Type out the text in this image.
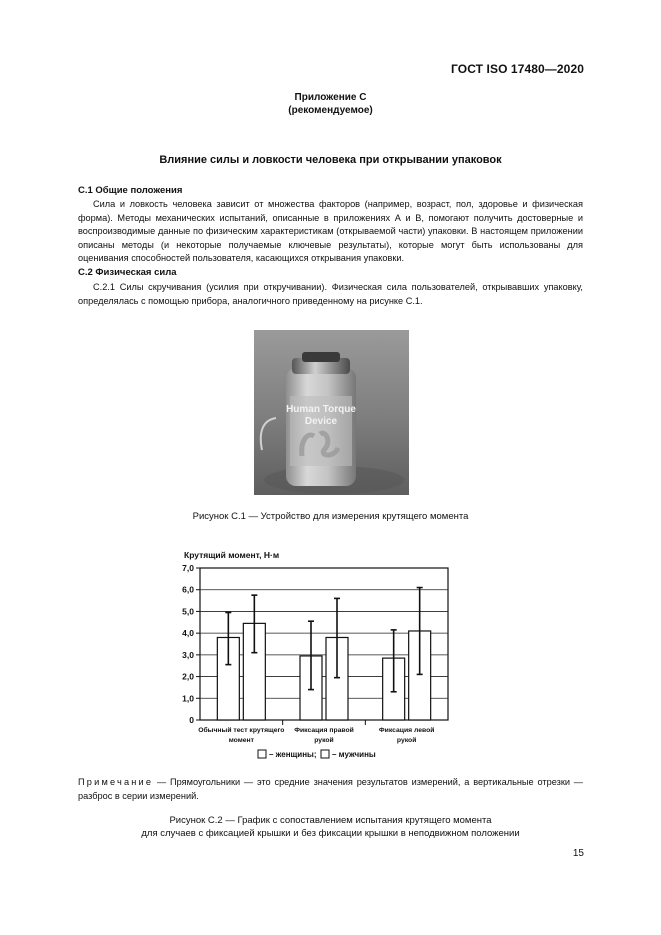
ГОСТ ISO 17480—2020
Приложение С
(рекомендуемое)
Влияние силы и ловкости человека при открывании упаковок
С.1 Общие положения
Сила и ловкость человека зависит от множества факторов (например, возраст, пол, здоровье и физическая форма). Методы механических испытаний, описанные в приложениях А и В, помогают получить достоверные и воспроизводимые данные по физическим характеристикам (открываемой части) упаковки. В настоящем приложении описаны методы (и некоторые получаемые ключевые результаты), которые могут быть использованы для оценивания способностей пользователя, касающихся открывания упаковки.
С.2 Физическая сила
С.2.1 Силы скручивания (усилия при откручивании). Физическая сила пользователей, открывавших упаковку, определялась с помощью прибора, аналогичного приведенному на рисунке С.1.
Human Torque
Device
Рисунок С.1 — Устройство для измерения крутящего момента
Крутящий момент, Н·м
7,0
6,0
5,0
4,0
3,0
2,0
1,0
0
Обычный тест крутящего
момент
Фиксация правой
рукой
Фиксация левой
рукой
– женщины; – мужчины
Примечание — Прямоугольники — это средние значения результатов измерений, а вертикальные отрезки — разброс в серии измерений.
Рисунок С.2 — График с сопоставлением испытания крутящего момента
для случаев с фиксацией крышки и без фиксации крышки в неподвижном положении
15
